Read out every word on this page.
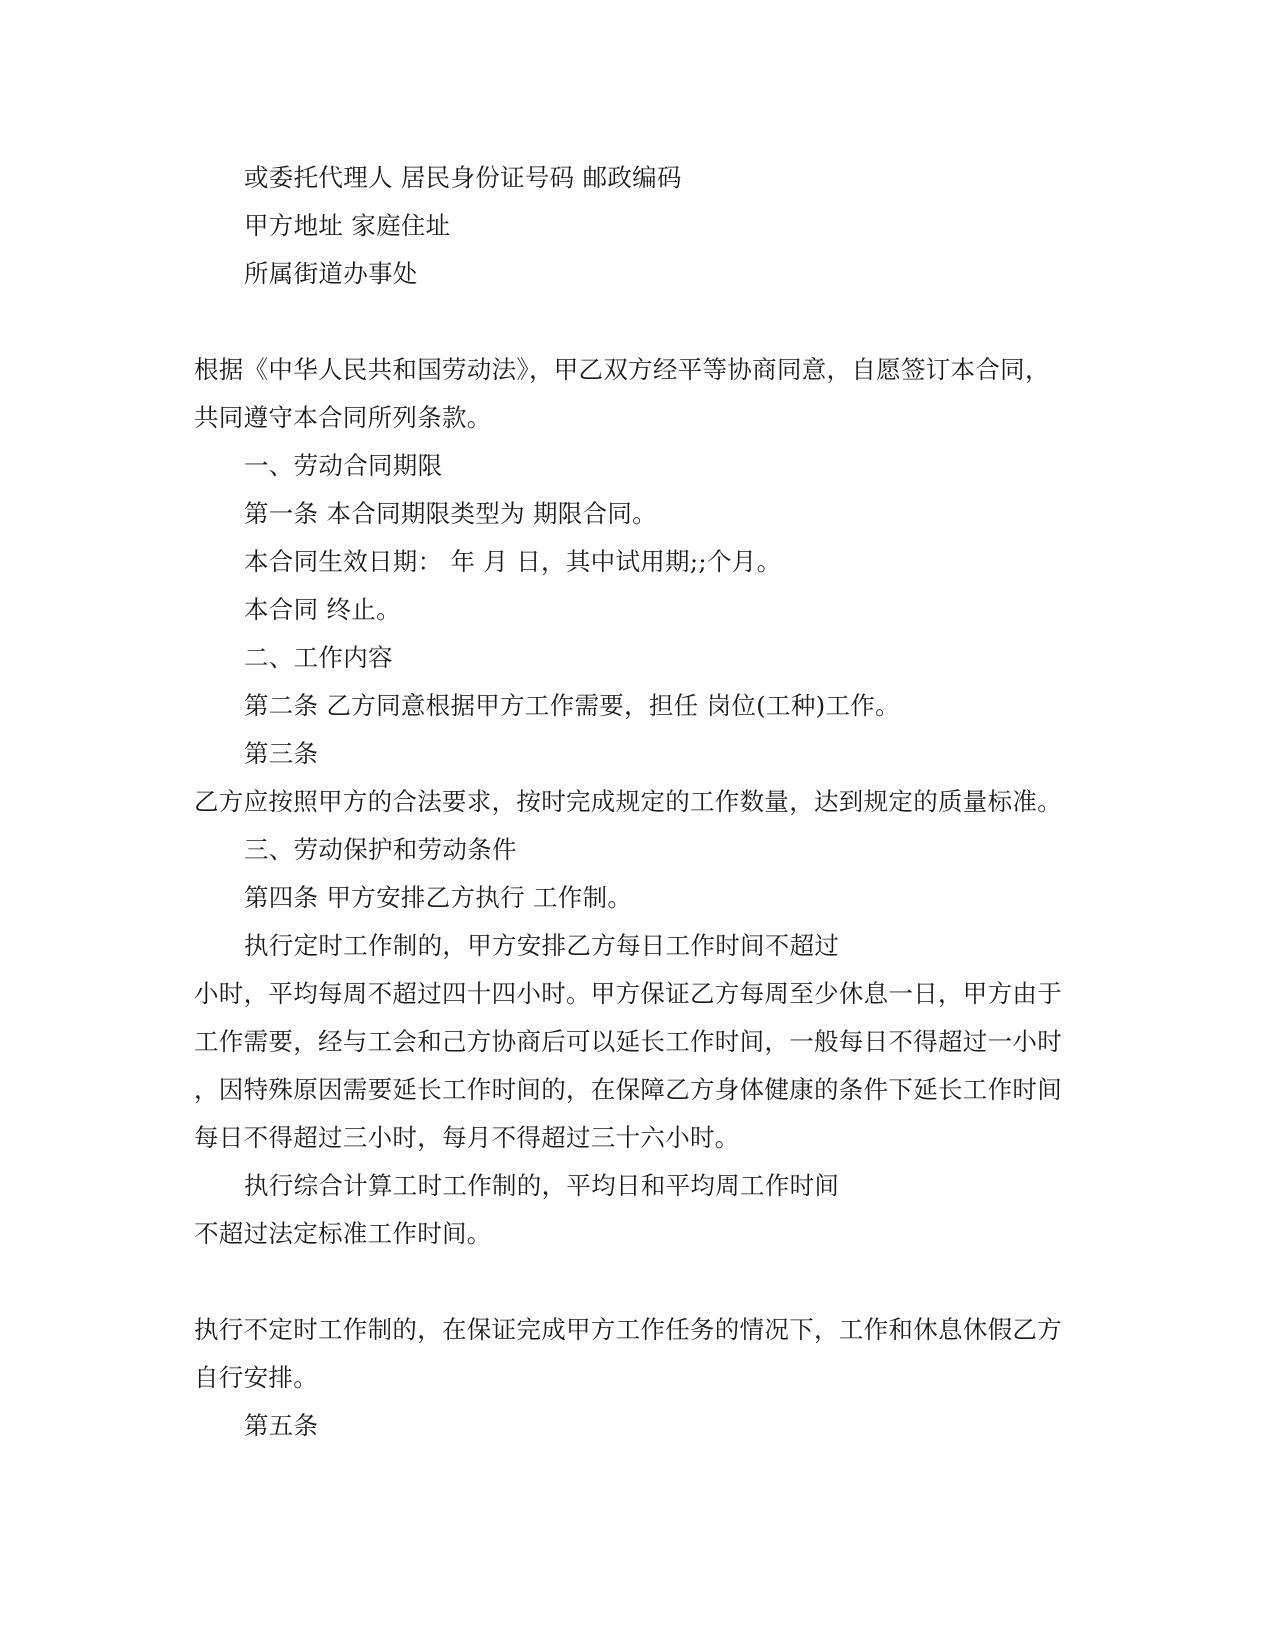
或委托代理人 居民身份证号码 邮政编码
甲方地址 家庭住址
所属街道办事处
根据《中华人民共和国劳动法》，甲乙双方经平等协商同意，自愿签订本合同，
共同遵守本合同所列条款。
一、劳动合同期限
第一条 本合同期限类型为 期限合同。
本合同生效日期： 年 月 日，其中试用期;;个月。
本合同 终止。
二、工作内容
第二条 乙方同意根据甲方工作需要，担任 岗位(工种)工作。
第三条
乙方应按照甲方的合法要求，按时完成规定的工作数量，达到规定的质量标准。
三、劳动保护和劳动条件
第四条 甲方安排乙方执行 工作制。
执行定时工作制的，甲方安排乙方每日工作时间不超过
小时，平均每周不超过四十四小时。甲方保证乙方每周至少休息一日，甲方由于
工作需要，经与工会和己方协商后可以延长工作时间，一般每日不得超过一小时
，因特殊原因需要延长工作时间的，在保障乙方身体健康的条件下延长工作时间
每日不得超过三小时，每月不得超过三十六小时。
执行综合计算工时工作制的，平均日和平均周工作时间
不超过法定标准工作时间。
执行不定时工作制的，在保证完成甲方工作任务的情况下，工作和休息休假乙方
自行安排。
第五条
